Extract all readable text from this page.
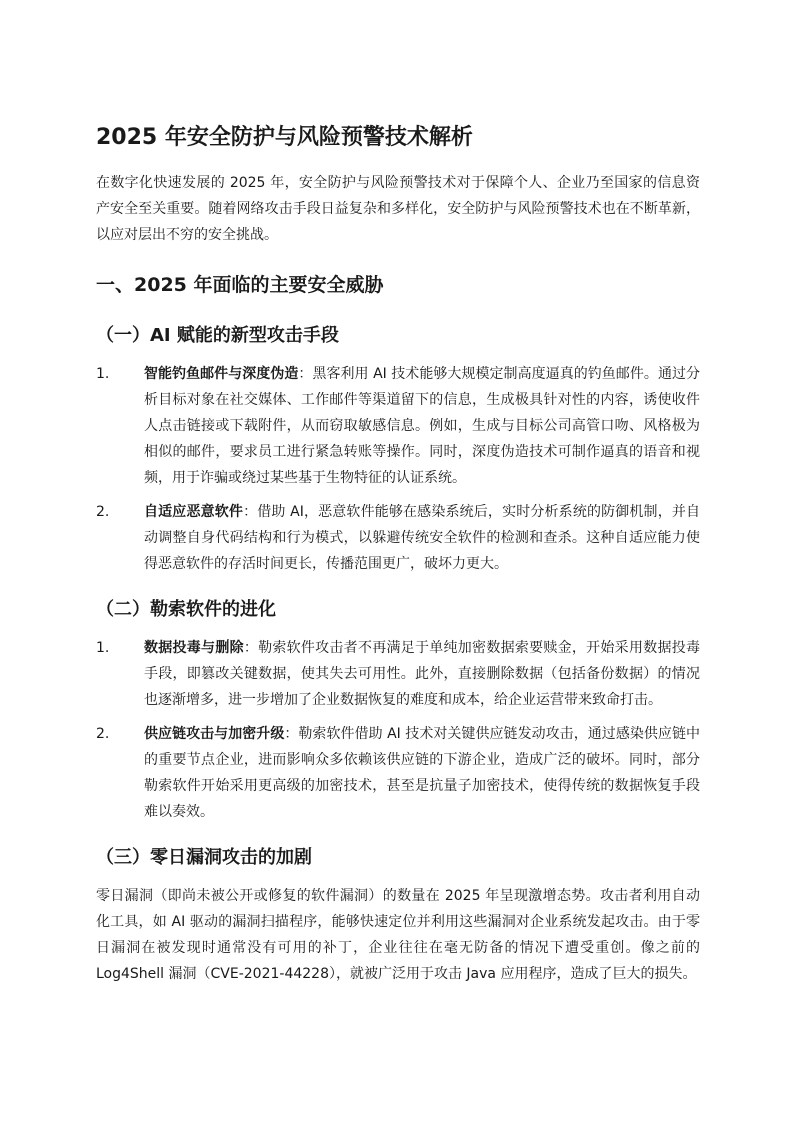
2025 年安全防护与风险预警技术解析

在数字化快速发展的 2025 年，安全防护与风险预警技术对于保障个人、企业乃至国家的信息资产安全至关重要。随着网络攻击手段日益复杂和多样化，安全防护与风险预警技术也在不断革新，以应对层出不穷的安全挑战。

一、2025 年面临的主要安全威胁
（一）AI 赋能的新型攻击手段
1.	智能钓鱼邮件与深度伪造：黑客利用 AI 技术能够大规模定制高度逼真的钓鱼邮件。通过分析目标对象在社交媒体、工作邮件等渠道留下的信息，生成极具针对性的内容，诱使收件人点击链接或下载附件，从而窃取敏感信息。例如，生成与目标公司高管口吻、风格极为相似的邮件，要求员工进行紧急转账等操作。同时，深度伪造技术可制作逼真的语音和视频，用于诈骗或绕过某些基于生物特征的认证系统。
2.	自适应恶意软件：借助 AI，恶意软件能够在感染系统后，实时分析系统的防御机制，并自动调整自身代码结构和行为模式，以躲避传统安全软件的检测和查杀。这种自适应能力使得恶意软件的存活时间更长，传播范围更广，破坏力更大。
（二）勒索软件的进化
1.	数据投毒与删除：勒索软件攻击者不再满足于单纯加密数据索要赎金，开始采用数据投毒手段，即篡改关键数据，使其失去可用性。此外，直接删除数据（包括备份数据）的情况也逐渐增多，进一步增加了企业数据恢复的难度和成本，给企业运营带来致命打击。
2.	供应链攻击与加密升级：勒索软件借助 AI 技术对关键供应链发动攻击，通过感染供应链中的重要节点企业，进而影响众多依赖该供应链的下游企业，造成广泛的破坏。同时，部分勒索软件开始采用更高级的加密技术，甚至是抗量子加密技术，使得传统的数据恢复手段难以奏效。
（三）零日漏洞攻击的加剧

零日漏洞（即尚未被公开或修复的软件漏洞）的数量在 2025 年呈现激增态势。攻击者利用自动化工具，如 AI 驱动的漏洞扫描程序，能够快速定位并利用这些漏洞对企业系统发起攻击。由于零日漏洞在被发现时通常没有可用的补丁，企业往往在毫无防备的情况下遭受重创。像之前的 Log4Shell 漏洞（CVE-2021-44228），就被广泛用于攻击 Java 应用程序，造成了巨大的损失。
